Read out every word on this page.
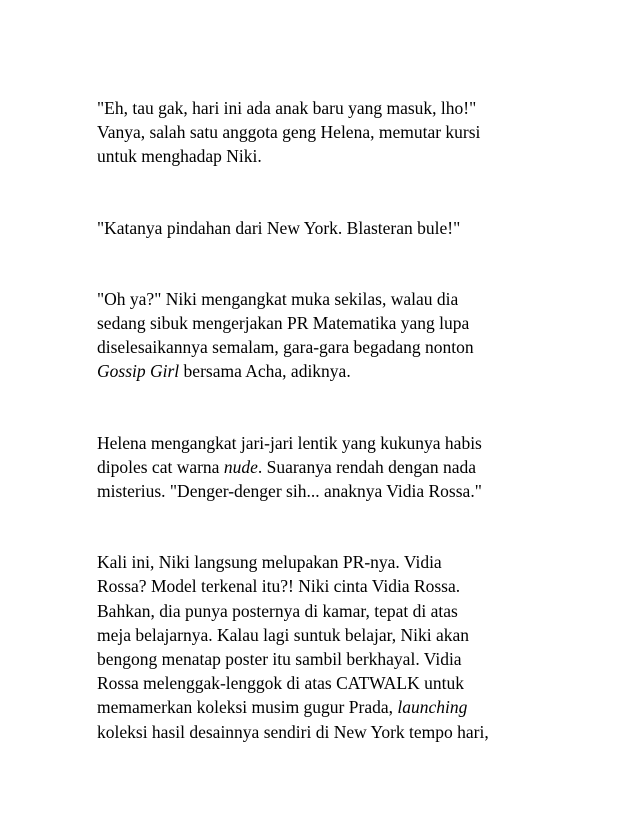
"Eh, tau gak, hari ini ada anak baru yang masuk, lho!"
Vanya, salah satu anggota geng Helena, memutar kursi
untuk menghadap Niki.

"Katanya pindahan dari New York. Blasteran bule!"

"Oh ya?" Niki mengangkat muka sekilas, walau dia
sedang sibuk mengerjakan PR Matematika yang lupa
diselesaikannya semalam, gara-gara begadang nonton
Gossip Girl bersama Acha, adiknya.

Helena mengangkat jari-jari lentik yang kukunya habis
dipoles cat warna nude. Suaranya rendah dengan nada
misterius. "Denger-denger sih... anaknya Vidia Rossa."

Kali ini, Niki langsung melupakan PR-nya. Vidia
Rossa? Model terkenal itu?! Niki cinta Vidia Rossa.
Bahkan, dia punya posternya di kamar, tepat di atas
meja belajarnya. Kalau lagi suntuk belajar, Niki akan
bengong menatap poster itu sambil berkhayal. Vidia
Rossa melenggak-lenggok di atas CATWALK untuk
memamerkan koleksi musim gugur Prada, launching
koleksi hasil desainnya sendiri di New York tempo hari,
